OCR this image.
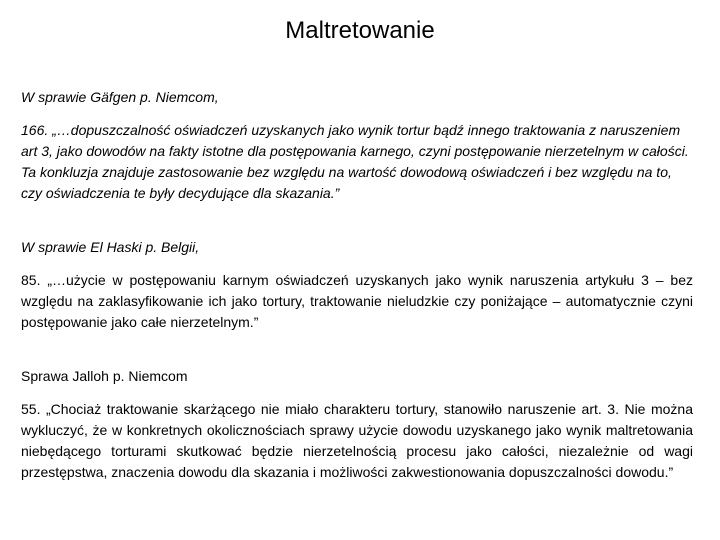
Maltretowanie

W sprawie Gäfgen p. Niemcom,

166. „…dopuszczalność oświadczeń uzyskanych jako wynik tortur bądź innego traktowania z naruszeniem art 3, jako dowodów na fakty istotne dla postępowania karnego, czyni postępowanie nierzetelnym w całości. Ta konkluzja znajduje zastosowanie bez względu na wartość dowodową oświadczeń i bez względu na to, czy oświadczenia te były decydujące dla skazania.”

W sprawie El Haski p. Belgii,

85. „…użycie w postępowaniu karnym oświadczeń uzyskanych jako wynik naruszenia artykułu 3 – bez względu na zaklasyfikowanie ich jako tortury, traktowanie nieludzkie czy poniżające – automatycznie czyni postępowanie jako całe nierzetelnym.”

Sprawa Jalloh p. Niemcom

55. „Chociaż traktowanie skarżącego nie miało charakteru tortury, stanowiło naruszenie art. 3. Nie można wykluczyć, że w konkretnych okolicznościach sprawy użycie dowodu uzyskanego jako wynik maltretowania niebędącego torturami skutkować będzie nierzetelnością procesu jako całości, niezależnie od wagi przestępstwa, znaczenia dowodu dla skazania i możliwości zakwestionowania dopuszczalności dowodu.”
